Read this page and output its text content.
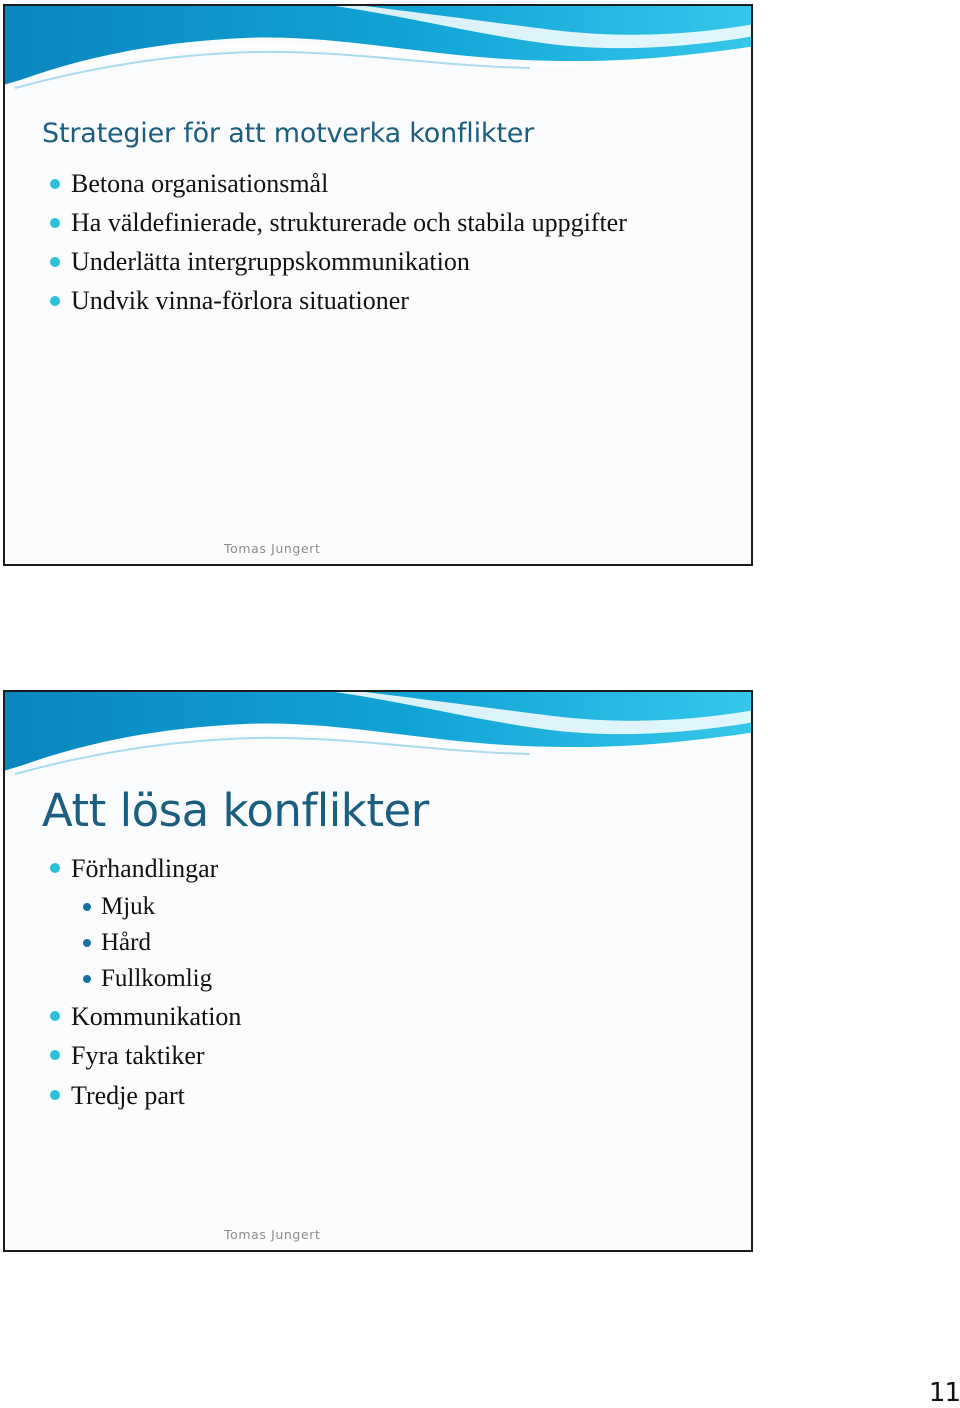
Strategier för att motverka konflikter
Betona organisationsmål
Ha väldefinierade, strukturerade och stabila uppgifter
Underlätta intergruppskommunikation
Undvik vinna-förlora situationer
Tomas Jungert
Att lösa konflikter
Förhandlingar
Mjuk
Hård
Fullkomlig
Kommunikation
Fyra taktiker
Tredje part
Tomas Jungert
11
